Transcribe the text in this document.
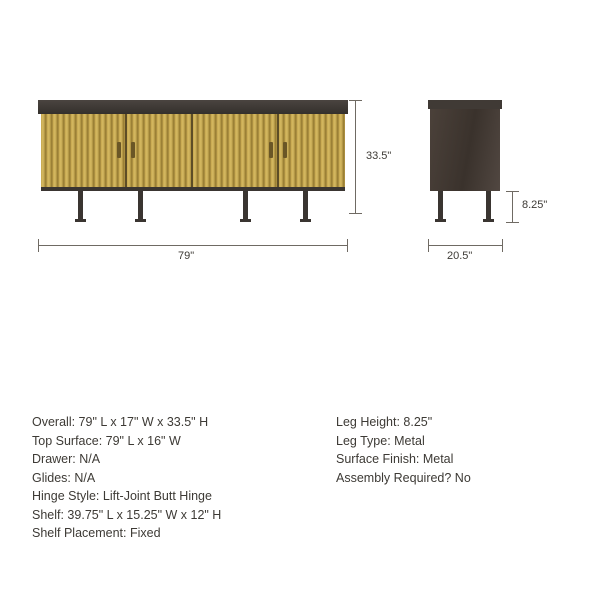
33.5"
79"
8.25"
20.5"
Overall: 79" L x 17" W x 33.5" H
Top Surface: 79" L x 16" W
Drawer: N/A
Glides: N/A
Hinge Style: Lift-Joint Butt Hinge
Shelf: 39.75" L x 15.25" W x 12" H
Shelf Placement: Fixed
Leg Height: 8.25"
Leg Type: Metal
Surface Finish: Metal
Assembly Required? No
